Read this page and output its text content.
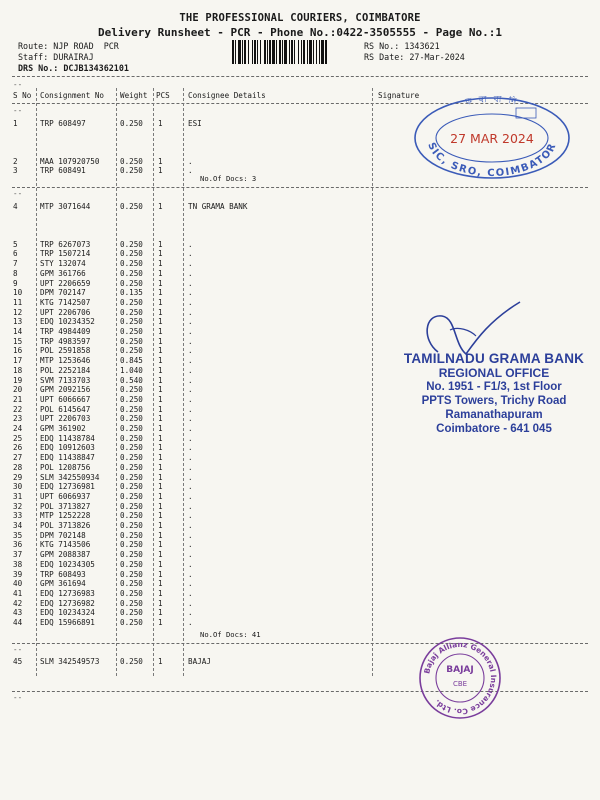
THE PROFESSIONAL COURIERS, COIMBATORE
Delivery Runsheet - PCR - Phone No.:0422-3505555 - Page No.:1
Route: NJP ROAD  PCR
Staff: DURAIRAJ
DRS No.: DCJB134362101
RS No.: 1343621
RS Date: 27-Mar-2024
--
S No Consignment No Weight PCS Consignee Details	Signature
1	TRP 608497	0.250 1	ESI
2	MAA 107920750	0.250 1	.
3	TRP 608491	0.250 1	.
No.Of Docs: 3
--
4	MTP 3071644	0.250 1	TN GRAMA BANK
5	TRP 6267073	0.250 1	.
6	TRP 1507214	0.250 1	.
7	STY 132074	0.250 1	.
8	GPM 361766	0.250 1	.
9	UPT 2206659	0.250 1	.
10 DPM 702147	0.135 1	.
11 KTG 7142507	0.250 1	.
12 UPT 2206706	0.250 1	.
13 EDQ 10234352	0.250 1	.
14 TRP 4984409	0.250 1	.
15 TRP 4983597	0.250 1	.
16 POL 2591858	0.250 1	.
17 MTP 1253646	0.845 1	.
18 POL 2252184	1.040 1	.
19 SVM 7133703	0.540 1	.
20 GPM 2092156	0.250 1	.
21 UPT 6066667	0.250 1	.
22 POL 6145647	0.250 1	.
23 UPT 2206703	0.250 1	.
24 GPM 361902	0.250 1	.
25 EDQ 11438784	0.250 1	.
26 EDQ 10912603	0.250 1	.
27 EDQ 11438847	0.250 1	.
28 POL 1208756	0.250 1	.
29 SLM 342550934	0.250 1	.
30 EDQ 12736981	0.250 1	.
31 UPT 6066937	0.250 1	.
32 POL 3713827	0.250 1	.
33 MTP 1252228	0.250 1	.
34 POL 3713826	0.250 1	.
35 DPM 702148	0.250 1	.
36 KTG 7143506	0.250 1	.
37 GPM 2088387	0.250 1	.
38 EDQ 10234305	0.250 1	.
39 TRP 608493	0.250 1	.
40 GPM 361694	0.250 1	.
41 EDQ 12736983	0.250 1	.
42 EDQ 12736982	0.250 1	.
43 EDQ 10234324	0.250 1	.
44 EDQ 15966891	0.250 1	.
No.Of Docs: 41
--
45 SLM 342549573	0.250 1	BAJAJ
--
--
SIC, SRO, COIMBATOR
ক ৰা বী নি
27 MAR 2024
TAMILNADU GRAMA BANK
REGIONAL OFFICE
No. 1951 - F1/3, 1st Floor
PPTS Towers, Trichy Road
Ramanathapuram
Coimbatore - 641 045
Bajaj Allianz General Insurance Co. Ltd.
BAJAJ
CBE
